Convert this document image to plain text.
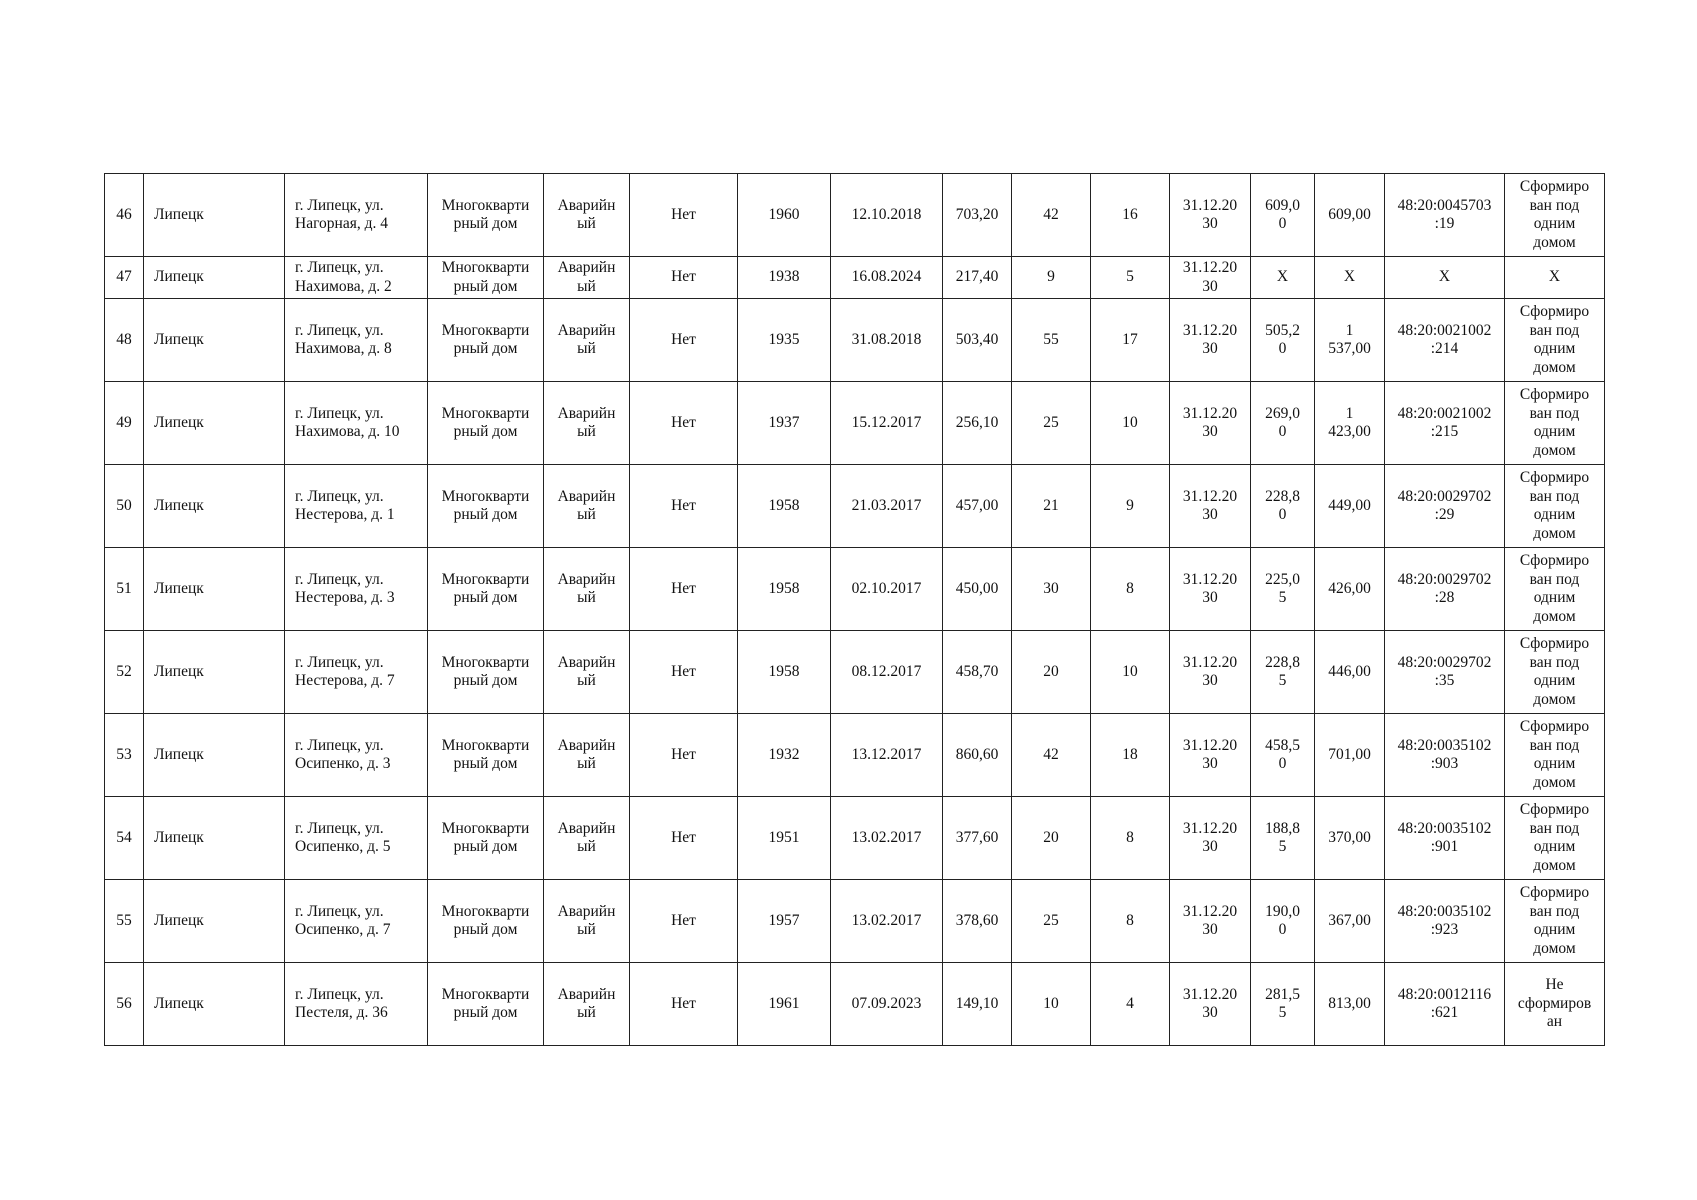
46	Липецк	г. Липецк, ул.
Нагорная, д. 4	Многокварти
рный дом	Аварийн
ый	Нет	1960	12.10.2018	703,20	42	16	31.12.20
30	609,0
0	609,00	48:20:0045703
:19	Сформиро
ван под
одним
домом
47	Липецк	г. Липецк, ул.
Нахимова, д. 2	Многокварти
рный дом	Аварийн
ый	Нет	1938	16.08.2024	217,40	9	5	31.12.20
30	X	X	X	X
48	Липецк	г. Липецк, ул.
Нахимова, д. 8	Многокварти
рный дом	Аварийн
ый	Нет	1935	31.08.2018	503,40	55	17	31.12.20
30	505,2
0	1
537,00	48:20:0021002
:214	Сформиро
ван под
одним
домом
49	Липецк	г. Липецк, ул.
Нахимова, д. 10	Многокварти
рный дом	Аварийн
ый	Нет	1937	15.12.2017	256,10	25	10	31.12.20
30	269,0
0	1
423,00	48:20:0021002
:215	Сформиро
ван под
одним
домом
50	Липецк	г. Липецк, ул.
Нестерова, д. 1	Многокварти
рный дом	Аварийн
ый	Нет	1958	21.03.2017	457,00	21	9	31.12.20
30	228,8
0	449,00	48:20:0029702
:29	Сформиро
ван под
одним
домом
51	Липецк	г. Липецк, ул.
Нестерова, д. 3	Многокварти
рный дом	Аварийн
ый	Нет	1958	02.10.2017	450,00	30	8	31.12.20
30	225,0
5	426,00	48:20:0029702
:28	Сформиро
ван под
одним
домом
52	Липецк	г. Липецк, ул.
Нестерова, д. 7	Многокварти
рный дом	Аварийн
ый	Нет	1958	08.12.2017	458,70	20	10	31.12.20
30	228,8
5	446,00	48:20:0029702
:35	Сформиро
ван под
одним
домом
53	Липецк	г. Липецк, ул.
Осипенко, д. 3	Многокварти
рный дом	Аварийн
ый	Нет	1932	13.12.2017	860,60	42	18	31.12.20
30	458,5
0	701,00	48:20:0035102
:903	Сформиро
ван под
одним
домом
54	Липецк	г. Липецк, ул.
Осипенко, д. 5	Многокварти
рный дом	Аварийн
ый	Нет	1951	13.02.2017	377,60	20	8	31.12.20
30	188,8
5	370,00	48:20:0035102
:901	Сформиро
ван под
одним
домом
55	Липецк	г. Липецк, ул.
Осипенко, д. 7	Многокварти
рный дом	Аварийн
ый	Нет	1957	13.02.2017	378,60	25	8	31.12.20
30	190,0
0	367,00	48:20:0035102
:923	Сформиро
ван под
одним
домом
56	Липецк	г. Липецк, ул.
Пестеля, д. 36	Многокварти
рный дом	Аварийн
ый	Нет	1961	07.09.2023	149,10	10	4	31.12.20
30	281,5
5	813,00	48:20:0012116
:621	Не
сформиров
ан
